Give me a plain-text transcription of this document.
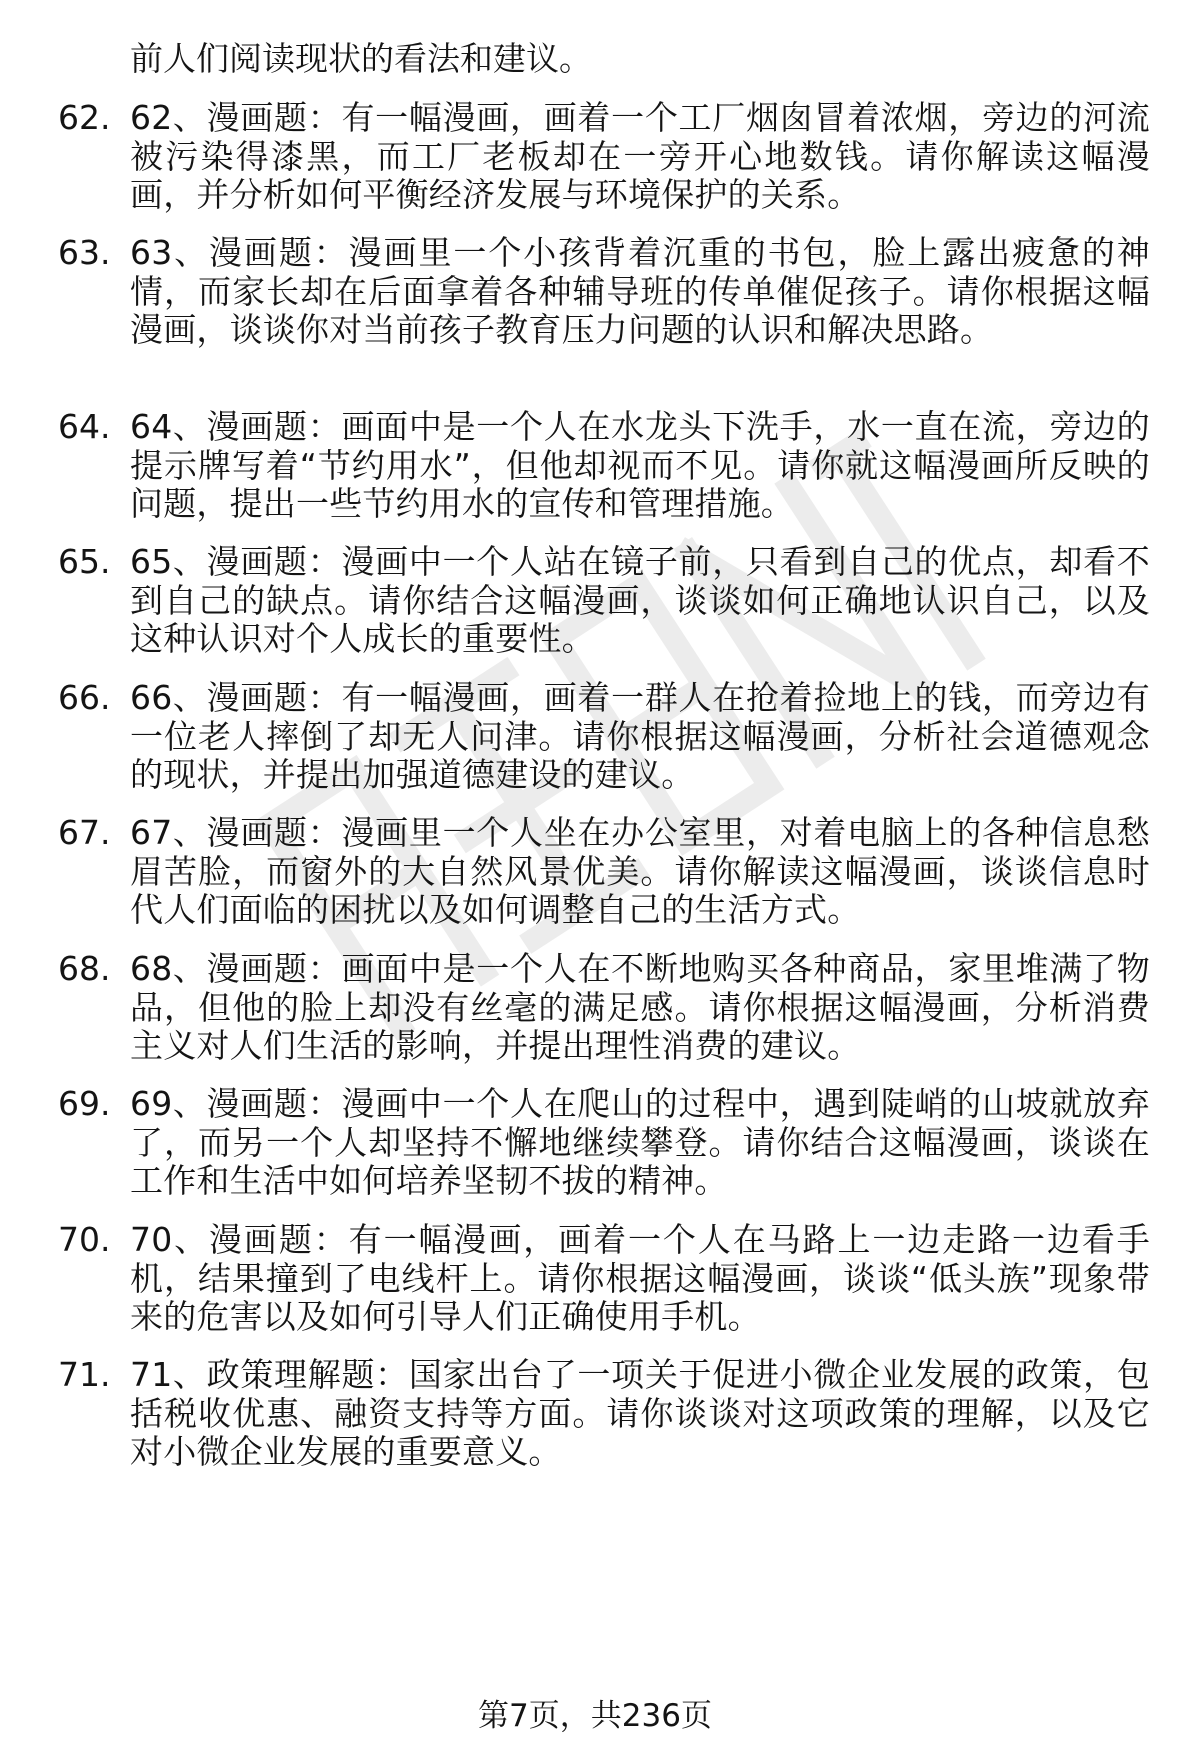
前人们阅读现状的看法和建议。

62. 62、漫画题：有一幅漫画，画着一个工厂烟囱冒着浓烟，旁边的河流被污染得漆黑，而工厂老板却在一旁开心地数钱。请你解读这幅漫画，并分析如何平衡经济发展与环境保护的关系。
63. 63、漫画题：漫画里一个小孩背着沉重的书包，脸上露出疲惫的神情，而家长却在后面拿着各种辅导班的传单催促孩子。请你根据这幅漫画，谈谈你对当前孩子教育压力问题的认识和解决思路。
64. 64、漫画题：画面中是一个人在水龙头下洗手，水一直在流，旁边的提示牌写着“节约用水”，但他却视而不见。请你就这幅漫画所反映的问题，提出一些节约用水的宣传和管理措施。
65. 65、漫画题：漫画中一个人站在镜子前，只看到自己的优点，却看不到自己的缺点。请你结合这幅漫画，谈谈如何正确地认识自己，以及这种认识对个人成长的重要性。
66. 66、漫画题：有一幅漫画，画着一群人在抢着捡地上的钱，而旁边有一位老人摔倒了却无人问津。请你根据这幅漫画，分析社会道德观念的现状，并提出加强道德建设的建议。
67. 67、漫画题：漫画里一个人坐在办公室里，对着电脑上的各种信息愁眉苦脸，而窗外的大自然风景优美。请你解读这幅漫画，谈谈信息时代人们面临的困扰以及如何调整自己的生活方式。
68. 68、漫画题：画面中是一个人在不断地购买各种商品，家里堆满了物品，但他的脸上却没有丝毫的满足感。请你根据这幅漫画，分析消费主义对人们生活的影响，并提出理性消费的建议。
69. 69、漫画题：漫画中一个人在爬山的过程中，遇到陡峭的山坡就放弃了，而另一个人却坚持不懈地继续攀登。请你结合这幅漫画，谈谈在工作和生活中如何培养坚韧不拔的精神。
70. 70、漫画题：有一幅漫画，画着一个人在马路上一边走路一边看手机，结果撞到了电线杆上。请你根据这幅漫画，谈谈“低头族”现象带来的危害以及如何引导人们正确使用手机。
71. 71、政策理解题：国家出台了一项关于促进小微企业发展的政策，包括税收优惠、融资支持等方面。请你谈谈对这项政策的理解，以及它对小微企业发展的重要意义。
第7页，共236页
